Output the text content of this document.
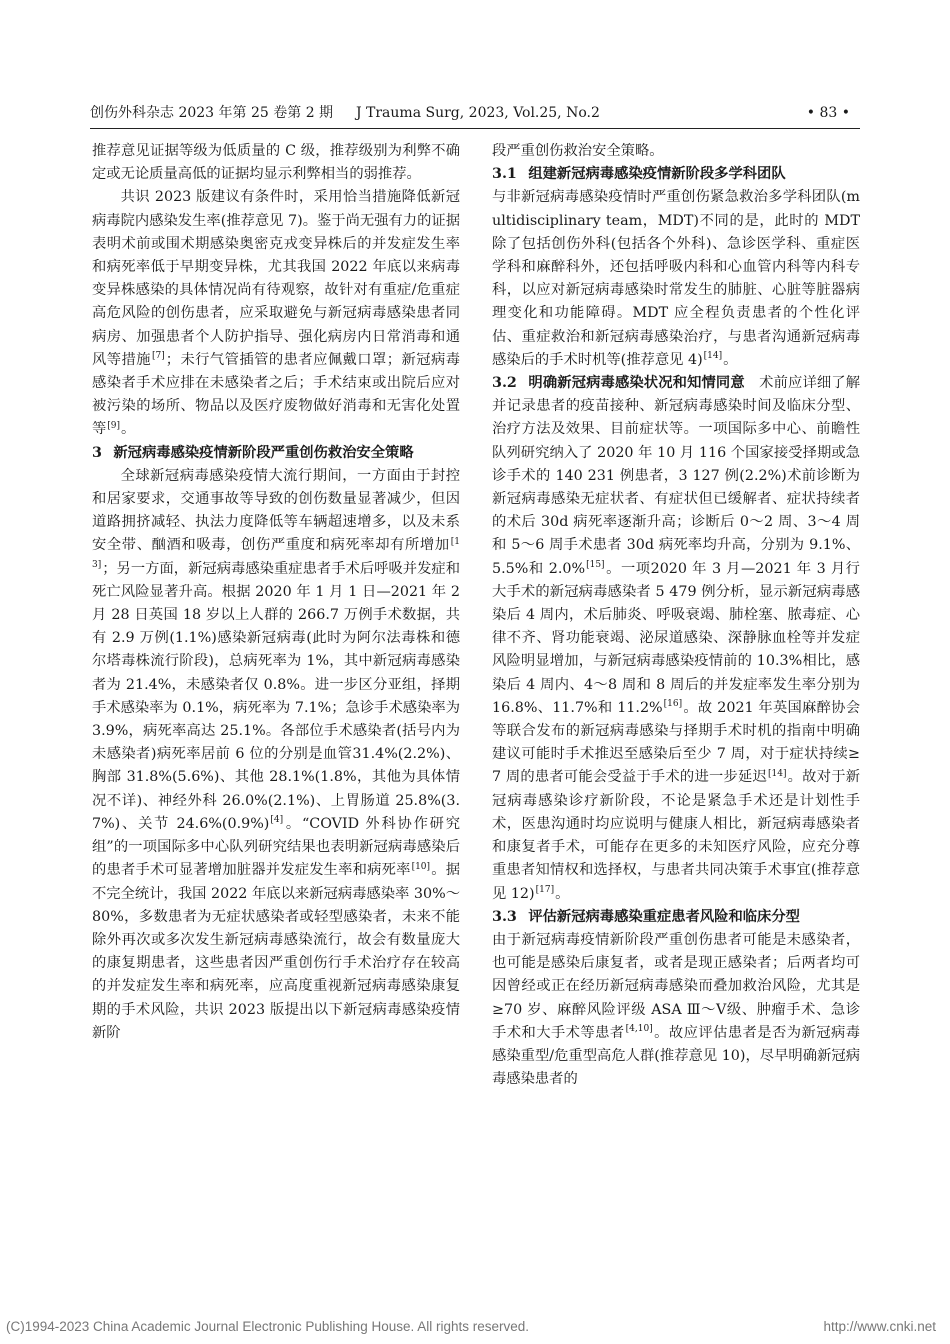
创伤外科杂志 2023 年第 25 卷第 2 期 J Trauma Surg, 2023, Vol.25, No.2	• 83 •

推荐意见证据等级为低质量的 C 级，推荐级别为利弊不确定或无论质量高低的证据均显示利弊相当的弱推荐。

共识 2023 版建议有条件时，采用恰当措施降低新冠病毒院内感染发生率(推荐意见 7)。鉴于尚无强有力的证据表明术前或围术期感染奥密克戎变异株后的并发症发生率和病死率低于早期变异株，尤其我国 2022 年底以来病毒变异株感染的具体情况尚有待观察，故针对有重症/危重症高危风险的创伤患者，应采取避免与新冠病毒感染患者同病房、加强患者个人防护指导、强化病房内日常消毒和通风等措施[7]；未行气管插管的患者应佩戴口罩；新冠病毒感染者手术应排在未感染者之后；手术结束或出院后应对被污染的场所、物品以及医疗废物做好消毒和无害化处置等[9]。

3 新冠病毒感染疫情新阶段严重创伤救治安全策略

全球新冠病毒感染疫情大流行期间，一方面由于封控和居家要求，交通事故等导致的创伤数量显著减少，但因道路拥挤减轻、执法力度降低等车辆超速增多，以及未系安全带、酗酒和吸毒，创伤严重度和病死率却有所增加[13]；另一方面，新冠病毒感染重症患者手术后呼吸并发症和死亡风险显著升高。根据 2020 年 1 月 1 日—2021 年 2 月 28 日英国 18 岁以上人群的 266.7 万例手术数据，共有 2.9 万例(1.1%)感染新冠病毒(此时为阿尔法毒株和德尔塔毒株流行阶段)，总病死率为 1%，其中新冠病毒感染者为 21.4%，未感染者仅 0.8%。进一步区分亚组，择期手术感染率为 0.1%，病死率为 7.1%；急诊手术感染率为 3.9%，病死率高达 25.1%。各部位手术感染者(括号内为未感染者)病死率居前 6 位的分别是血管31.4%(2.2%)、胸部 31.8%(5.6%)、其他 28.1%(1.8%，其他为具体情况不详)、神经外科 26.0%(2.1%)、上胃肠道 25.8%(3.7%)、关节 24.6%(0.9%)[4]。“COVID 外科协作研究组”的一项国际多中心队列研究结果也表明新冠病毒感染后的患者手术可显著增加脏器并发症发生率和病死率[10]。据不完全统计，我国 2022 年底以来新冠病毒感染率 30%～80%，多数患者为无症状感染者或轻型感染者，未来不能除外再次或多次发生新冠病毒感染流行，故会有数量庞大的康复期患者，这些患者因严重创伤行手术治疗存在较高的并发症发生率和病死率，应高度重视新冠病毒感染康复期的手术风险，共识 2023 版提出以下新冠病毒感染疫情新阶

段严重创伤救治安全策略。

3.1 组建新冠病毒感染疫情新阶段多学科团队
与非新冠病毒感染疫情时严重创伤紧急救治多学科团队(multidisciplinary team，MDT)不同的是，此时的 MDT 除了包括创伤外科(包括各个外科)、急诊医学科、重症医学科和麻醉科外，还包括呼吸内科和心血管内科等内科专科，以应对新冠病毒感染时常发生的肺脏、心脏等脏器病理变化和功能障碍。MDT 应全程负责患者的个性化评估、重症救治和新冠病毒感染治疗，与患者沟通新冠病毒感染后的手术时机等(推荐意见 4)[14]。

3.2 明确新冠病毒感染状况和知情同意  术前应详细了解并记录患者的疫苗接种、新冠病毒感染时间及临床分型、治疗方法及效果、目前症状等。一项国际多中心、前瞻性队列研究纳入了 2020 年 10 月 116 个国家接受择期或急诊手术的 140 231 例患者，3 127 例(2.2%)术前诊断为新冠病毒感染无症状者、有症状但已缓解者、症状持续者的术后 30d 病死率逐渐升高；诊断后 0～2 周、3～4 周和 5～6 周手术患者 30d 病死率均升高，分别为 9.1%、5.5%和 2.0%[15]。一项2020 年 3 月—2021 年 3 月行大手术的新冠病毒感染者 5 479 例分析，显示新冠病毒感染后 4 周内，术后肺炎、呼吸衰竭、肺栓塞、脓毒症、心律不齐、肾功能衰竭、泌尿道感染、深静脉血栓等并发症风险明显增加，与新冠病毒感染疫情前的 10.3%相比，感染后 4 周内、4～8 周和 8 周后的并发症率发生率分别为 16.8%、11.7%和 11.2%[16]。故 2021 年英国麻醉协会等联合发布的新冠病毒感染与择期手术时机的指南中明确建议可能时手术推迟至感染后至少 7 周，对于症状持续≥7 周的患者可能会受益于手术的进一步延迟[14]。故对于新冠病毒感染诊疗新阶段，不论是紧急手术还是计划性手术，医患沟通时均应说明与健康人相比，新冠病毒感染者和康复者手术，可能存在更多的未知医疗风险，应充分尊重患者知情权和选择权，与患者共同决策手术事宜(推荐意见 12)[17]。

3.3 评估新冠病毒感染重症患者风险和临床分型
由于新冠病毒疫情新阶段严重创伤患者可能是未感染者，也可能是感染后康复者，或者是现正感染者；后两者均可因曾经或正在经历新冠病毒感染而叠加救治风险，尤其是≥70 岁、麻醉风险评级 ASA Ⅲ～Ⅴ级、肿瘤手术、急诊手术和大手术等患者[4,10]。故应评估患者是否为新冠病毒感染重型/危重型高危人群(推荐意见 10)，尽早明确新冠病毒感染患者的

(C)1994-2023 China Academic Journal Electronic Publishing House. All rights reserved.	http://www.cnki.net
